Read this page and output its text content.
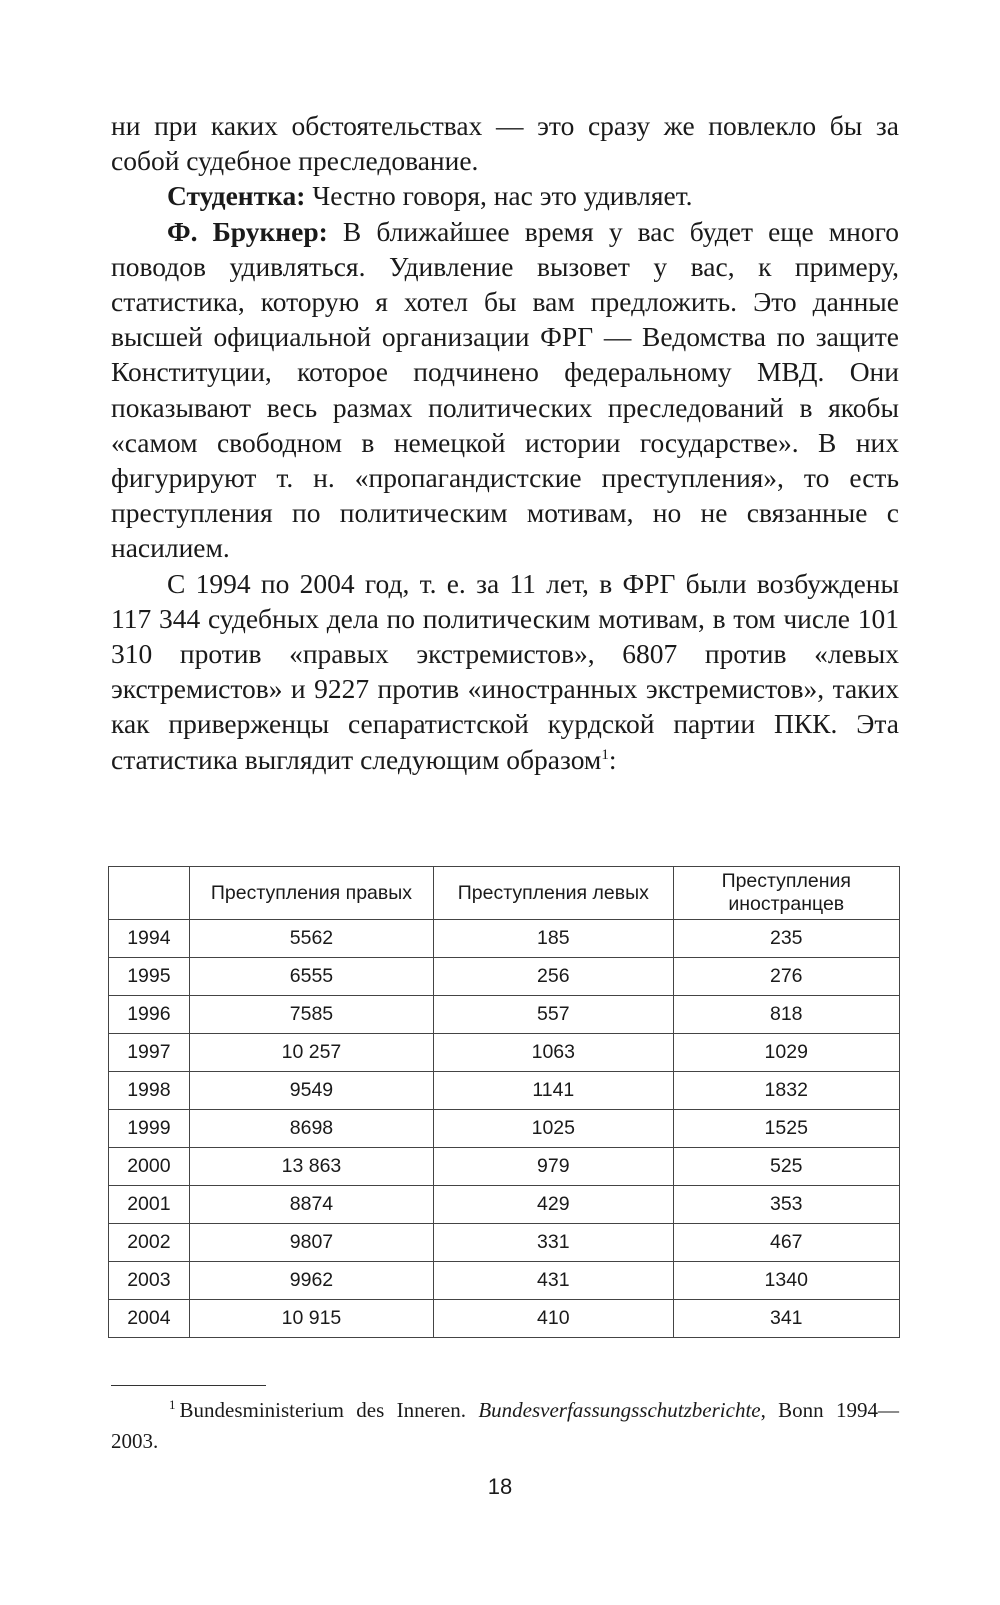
ни при каких обстоятельствах — это сразу же повлекло бы за собой судебное преследование.

Студентка: Честно говоря, нас это удивляет.

Ф. Брукнер: В ближайшее время у вас будет еще много поводов удивляться. Удивление вызовет у вас, к примеру, статистика, которую я хотел бы вам предложить. Это данные высшей официальной организации ФРГ — Ведомства по защите Конституции, которое подчинено федеральному МВД. Они показывают весь размах политических преследований в якобы «самом свободном в немецкой истории государстве». В них фигурируют т. н. «пропагандистские преступления», то есть преступления по политическим мотивам, но не связанные с насилием.

С 1994 по 2004 год, т. е. за 11 лет, в ФРГ были возбуждены 117 344 судебных дела по политическим мотивам, в том числе 101 310 против «правых экстремистов», 6807 против «левых экстремистов» и 9227 против «иностранных экстремистов», таких как приверженцы сепаратистской курдской партии ПКК. Эта статистика выглядит следующим образом$^1$:

	Преступления правых	Преступления левых	Преступления иностранцев
1994	5562	185	235
1995	6555	256	276
1996	7585	557	818
1997	10 257	1063	1029
1998	9549	1141	1832
1999	8698	1025	1525
2000	13 863	979	525
2001	8874	429	353
2002	9807	331	467
2003	9962	431	1340
2004	10 915	410	341
$^1$ Bundesministerium des Inneren. Bundesverfassungsschutzberichte, Bonn 1994—2003.
18
